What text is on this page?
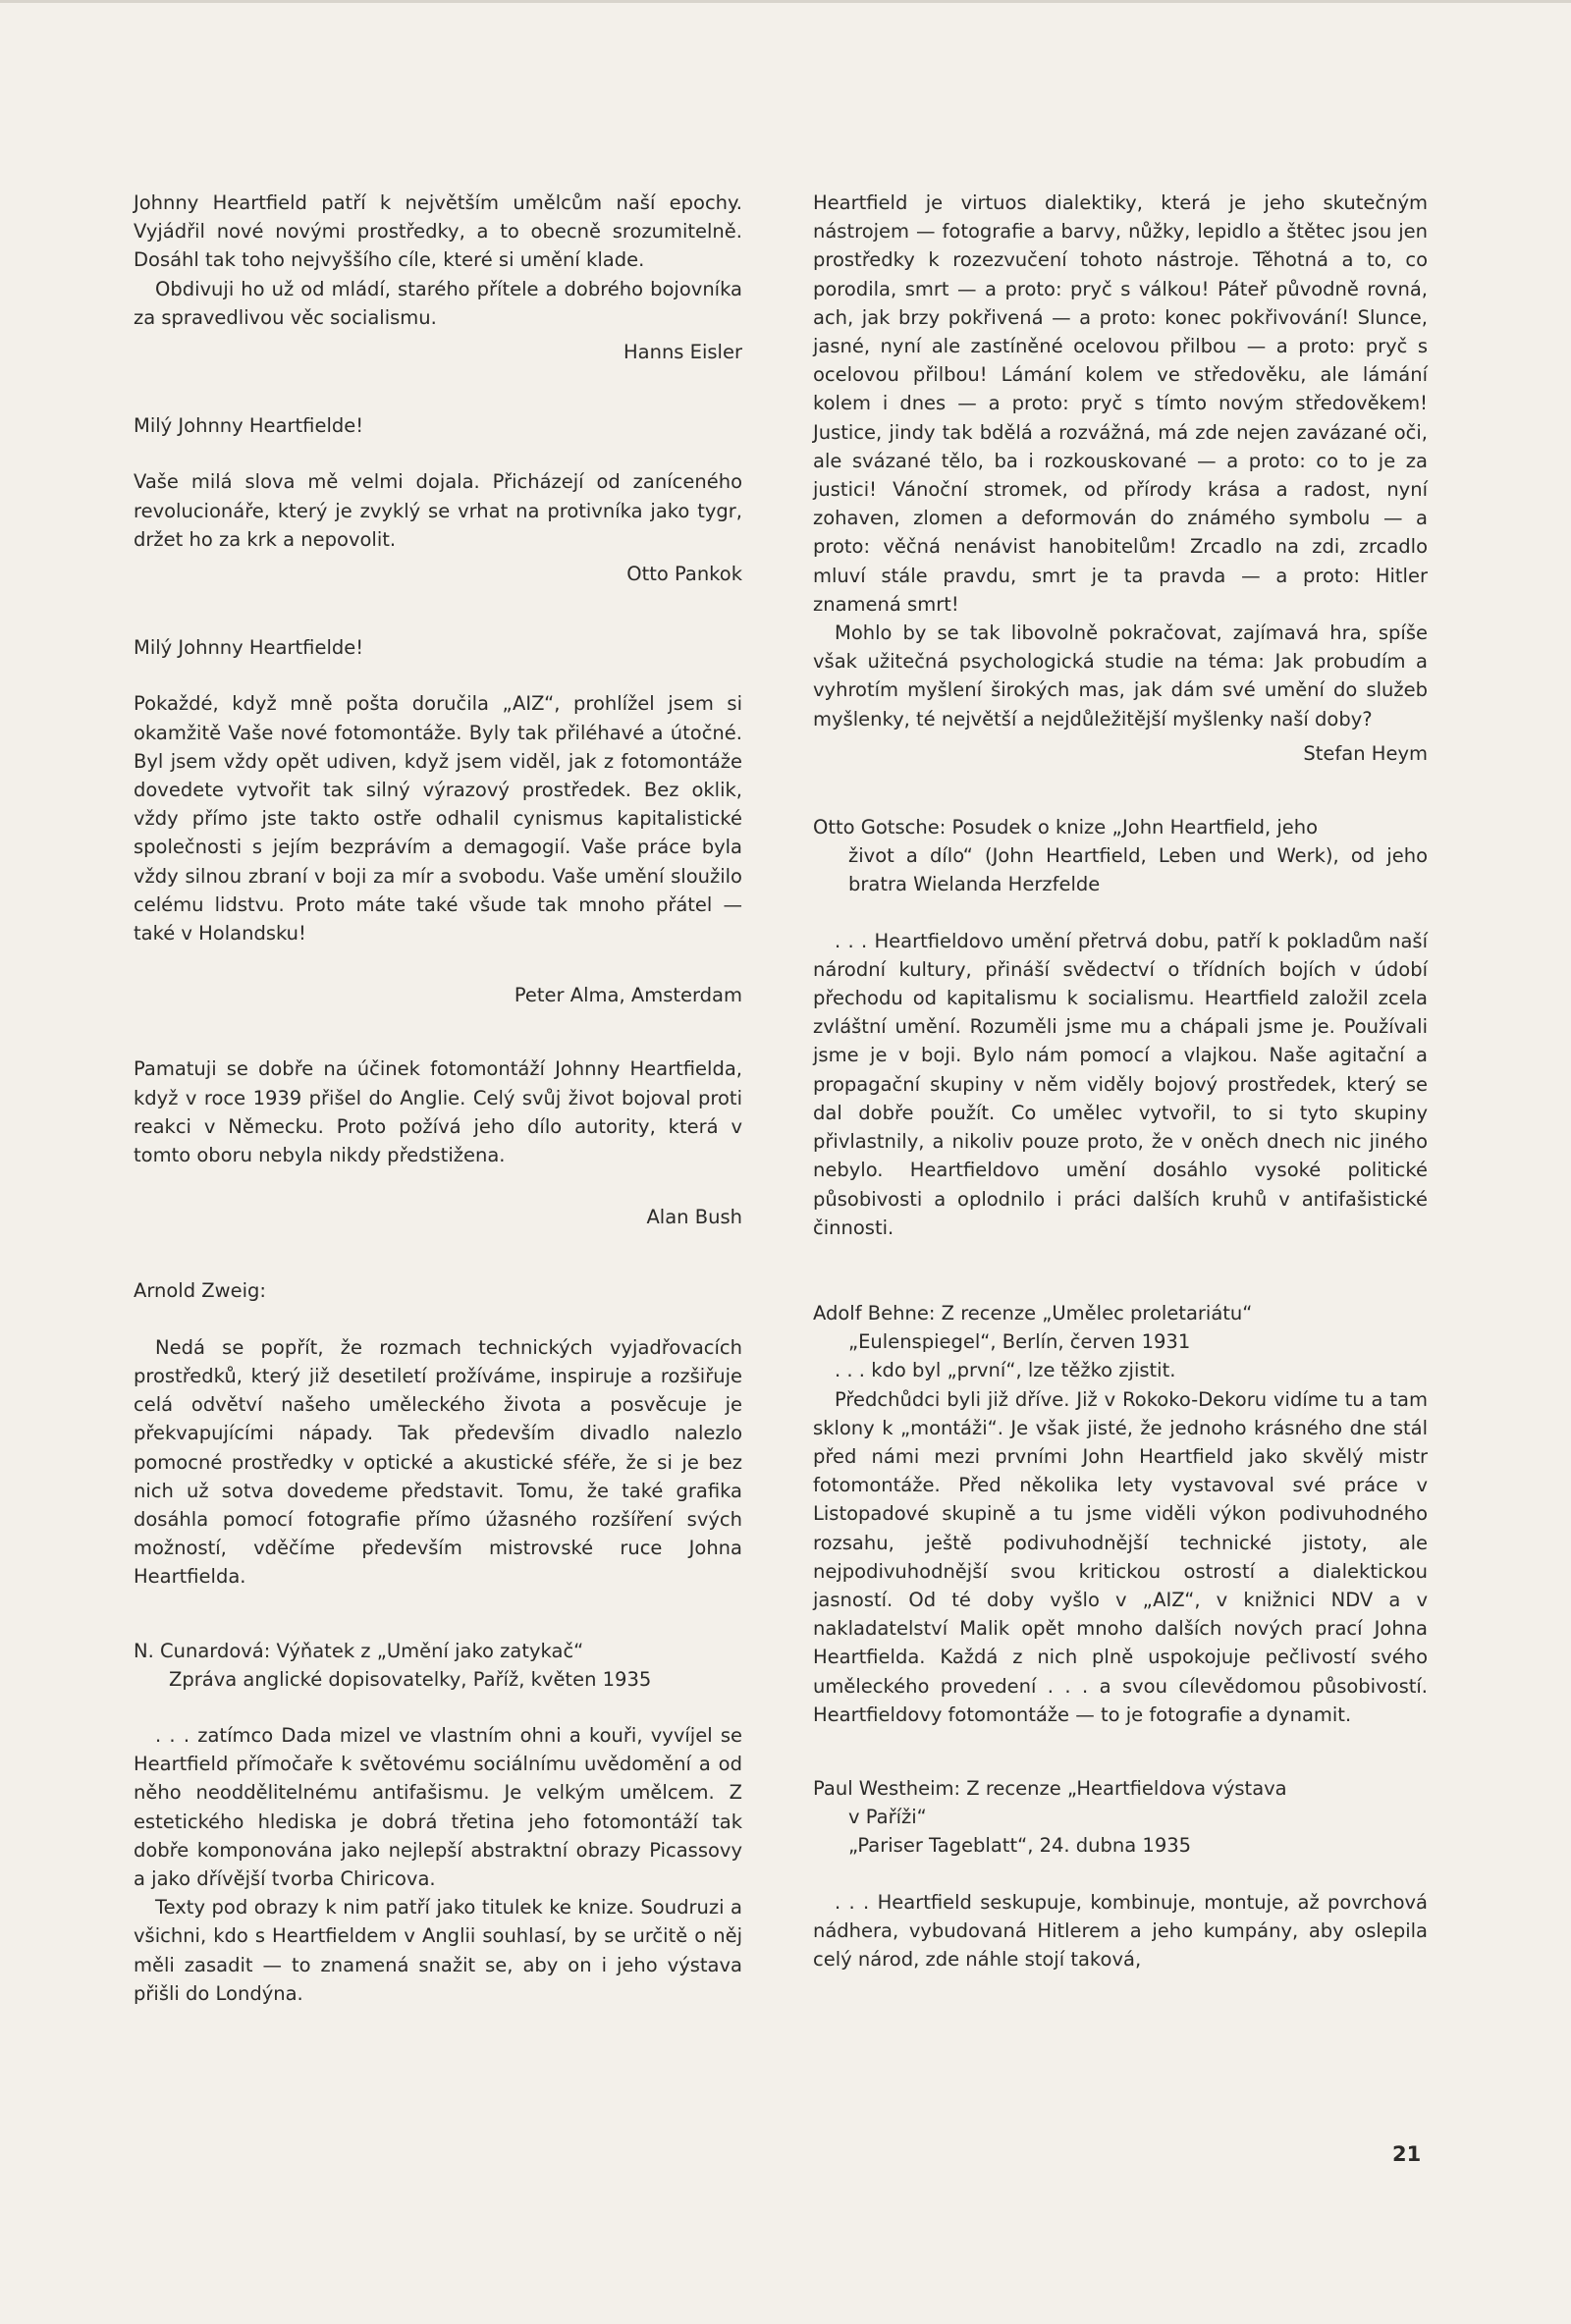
Johnny Heartfield patří k největším umělcům naší epochy. Vyjádřil nové novými prostředky, a to obecně srozumitelně. Dosáhl tak toho nejvyššího cíle, které si umění klade.

Obdivuji ho už od mládí, starého přítele a dobrého bojovníka za spravedlivou věc socialismu.

Hanns Eisler

Milý Johnny Heartfielde!

Vaše milá slova mě velmi dojala. Přicházejí od zaníceného revolucionáře, který je zvyklý se vrhat na protivníka jako tygr, držet ho za krk a nepovolit.

Otto Pankok

Milý Johnny Heartfielde!

Pokaždé, když mně pošta doručila „AIZ“, prohlížel jsem si okamžitě Vaše nové fotomontáže. Byly tak přiléhavé a útočné. Byl jsem vždy opět udiven, když jsem viděl, jak z fotomontáže dovedete vytvořit tak silný výrazový prostředek. Bez oklik, vždy přímo jste takto ostře odhalil cynismus kapitalistické společnosti s jejím bezprávím a demagogií. Vaše práce byla vždy silnou zbraní v boji za mír a svobodu. Vaše umění sloužilo celému lidstvu. Proto máte také všude tak mnoho přátel — také v Holandsku!

Peter Alma, Amsterdam

Pamatuji se dobře na účinek fotomontáží Johnny Heartfielda, když v roce 1939 přišel do Anglie. Celý svůj život bojoval proti reakci v Německu. Proto požívá jeho dílo autority, která v tomto oboru nebyla nikdy předstižena.

Alan Bush

Arnold Zweig:

Nedá se popřít, že rozmach technických vyjadřovacích prostředků, který již desetiletí prožíváme, inspiruje a rozšiřuje celá odvětví našeho uměleckého života a posvěcuje je překvapujícími nápady. Tak především divadlo nalezlo pomocné prostředky v optické a akustické sféře, že si je bez nich už sotva dovedeme představit. Tomu, že také grafika dosáhla pomocí fotografie přímo úžasného rozšíření svých možností, vděčíme především mistrovské ruce Johna Heartfielda.

N. Cunardová: Výňatek z „Umění jako zatykač“

Zpráva anglické dopisovatelky, Paříž, květen 1935

. . . zatímco Dada mizel ve vlastním ohni a kouři, vyvíjel se Heartfield přímočaře k světovému sociálnímu uvědomění a od něho neoddělitelnému antifašismu. Je velkým umělcem. Z estetického hlediska je dobrá třetina jeho fotomontáží tak dobře komponována jako nejlepší abstraktní obrazy Picassovy a jako dřívější tvorba Chiricova.

Texty pod obrazy k nim patří jako titulek ke knize. Soudruzi a všichni, kdo s Heartfieldem v Anglii souhlasí, by se určitě o něj měli zasadit — to znamená snažit se, aby on i jeho výstava přišli do Londýna.

Heartfield je virtuos dialektiky, která je jeho skutečným nástrojem — fotografie a barvy, nůžky, lepidlo a štětec jsou jen prostředky k rozezvučení tohoto nástroje. Těhotná a to, co porodila, smrt — a proto: pryč s válkou! Páteř původně rovná, ach, jak brzy pokřivená — a proto: konec pokřivování! Slunce, jasné, nyní ale zastíněné ocelovou přilbou — a proto: pryč s ocelovou přilbou! Lámání kolem ve středověku, ale lámání kolem i dnes — a proto: pryč s tímto novým středověkem! Justice, jindy tak bdělá a rozvážná, má zde nejen zavázané oči, ale svázané tělo, ba i rozkouskované — a proto: co to je za justici! Vánoční stromek, od přírody krása a radost, nyní zohaven, zlomen a deformován do známého symbolu — a proto: věčná nenávist hanobitelům! Zrcadlo na zdi, zrcadlo mluví stále pravdu, smrt je ta pravda — a proto: Hitler znamená smrt!

Mohlo by se tak libovolně pokračovat, zajímavá hra, spíše však užitečná psychologická studie na téma: Jak probudím a vyhrotím myšlení širokých mas, jak dám své umění do služeb myšlenky, té největší a nejdůležitější myšlenky naší doby?

Stefan Heym

Otto Gotsche: Posudek o knize „John Heartfield, jeho

život a dílo“ (John Heartfield, Leben und Werk), od jeho bratra Wielanda Herzfelde

. . . Heartfieldovo umění přetrvá dobu, patří k pokladům naší národní kultury, přináší svědectví o třídních bojích v údobí přechodu od kapitalismu k socialismu. Heartfield založil zcela zvláštní umění. Rozuměli jsme mu a chápali jsme je. Používali jsme je v boji. Bylo nám pomocí a vlajkou. Naše agitační a propagační skupiny v něm viděly bojový prostředek, který se dal dobře použít. Co umělec vytvořil, to si tyto skupiny přivlastnily, a nikoliv pouze proto, že v oněch dnech nic jiného nebylo. Heartfieldovo umění dosáhlo vysoké politické působivosti a oplodnilo i práci dalších kruhů v antifašistické činnosti.

Adolf Behne: Z recenze „Umělec proletariátu“

„Eulenspiegel“, Berlín, červen 1931

. . . kdo byl „první“, lze těžko zjistit.

Předchůdci byli již dříve. Již v Rokoko-Dekoru vidíme tu a tam sklony k „montáži“. Je však jisté, že jednoho krásného dne stál před námi mezi prvními John Heartfield jako skvělý mistr fotomontáže. Před několika lety vystavoval své práce v Listopadové skupině a tu jsme viděli výkon podivuhodného rozsahu, ještě podivuhodnější technické jistoty, ale nejpodivuhodnější svou kritickou ostrostí a dialektickou jasností. Od té doby vyšlo v „AIZ“, v knižnici NDV a v nakladatelství Malik opět mnoho dalších nových prací Johna Heartfielda. Každá z nich plně uspokojuje pečlivostí svého uměleckého provedení . . . a svou cílevědomou působivostí. Heartfieldovy fotomontáže — to je fotografie a dynamit.

Paul Westheim: Z recenze „Heartfieldova výstava

v Paříži“

„Pariser Tageblatt“, 24. dubna 1935

. . . Heartfield seskupuje, kombinuje, montuje, až povrchová nádhera, vybudovaná Hitlerem a jeho kumpány, aby oslepila celý národ, zde náhle stojí taková,

21
